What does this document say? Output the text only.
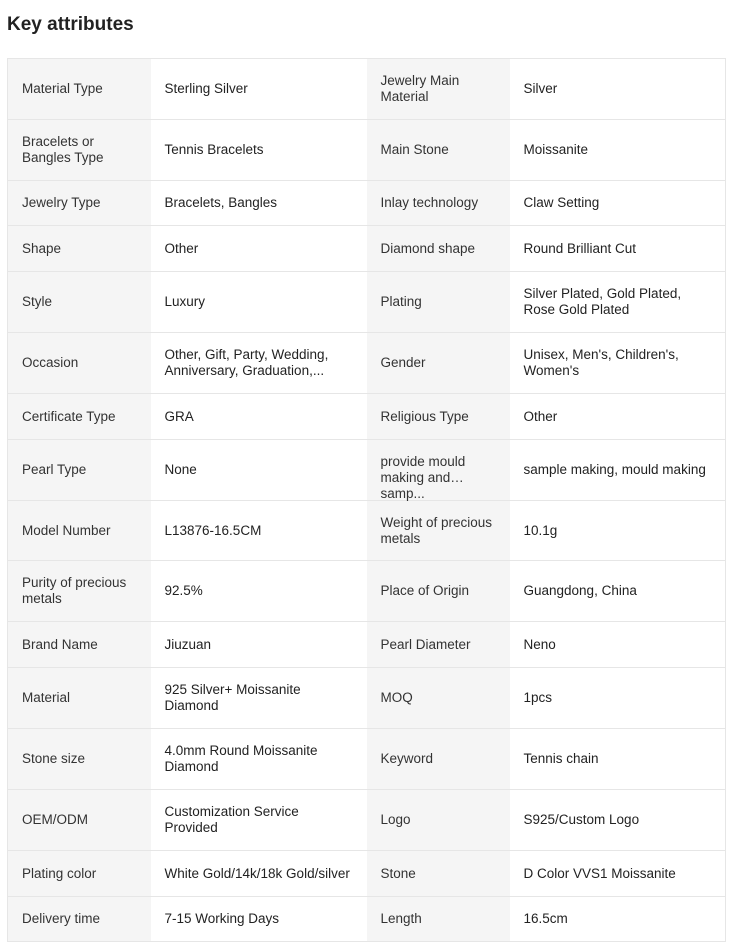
Key attributes
Material Type	Sterling Silver	Jewelry Main Material	Silver
Bracelets or Bangles Type	Tennis Bracelets	Main Stone	Moissanite
Jewelry Type	Bracelets, Bangles	Inlay technology	Claw Setting
Shape	Other	Diamond shape	Round Brilliant Cut
Style	Luxury	Plating	Silver Plated, Gold Plated, Rose Gold Plated
Occasion	Other, Gift, Party, Wedding, Anniversary, Graduation,...	Gender	Unisex, Men's, Children's, Women's
Certificate Type	GRA	Religious Type	Other
Pearl Type	None	provide mould making and samp...	sample making, mould making
Model Number	L13876-16.5CM	Weight of precious metals	10.1g
Purity of precious metals	92.5%	Place of Origin	Guangdong, China
Brand Name	Jiuzuan	Pearl Diameter	Neno
Material	925 Silver+ Moissanite Diamond	MOQ	1pcs
Stone size	4.0mm Round Moissanite Diamond	Keyword	Tennis chain
OEM/ODM	Customization Service Provided	Logo	S925/Custom Logo
Plating color	White Gold/14k/18k Gold/silver	Stone	D Color VVS1 Moissanite
Delivery time	7-15 Working Days	Length	16.5cm
